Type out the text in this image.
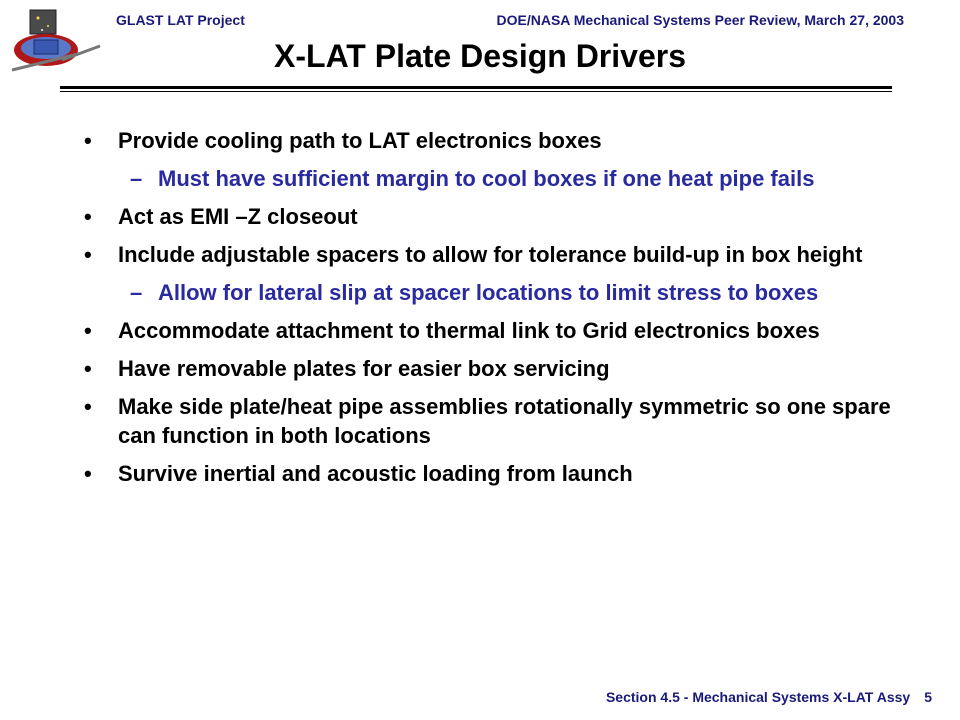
GLAST LAT Project	DOE/NASA Mechanical Systems Peer Review, March 27, 2003
X-LAT Plate Design Drivers
• Provide cooling path to LAT electronics boxes
– Must have sufficient margin to cool boxes if one heat pipe fails
• Act as EMI –Z closeout
• Include adjustable spacers to allow for tolerance build-up in box height
– Allow for lateral slip at spacer locations to limit stress to boxes
• Accommodate attachment to thermal link to Grid electronics boxes
• Have removable plates for easier box servicing
• Make side plate/heat pipe assemblies rotationally symmetric so one spare can function in both locations
• Survive inertial and acoustic loading from launch
Section 4.5 - Mechanical Systems X-LAT Assy 5
